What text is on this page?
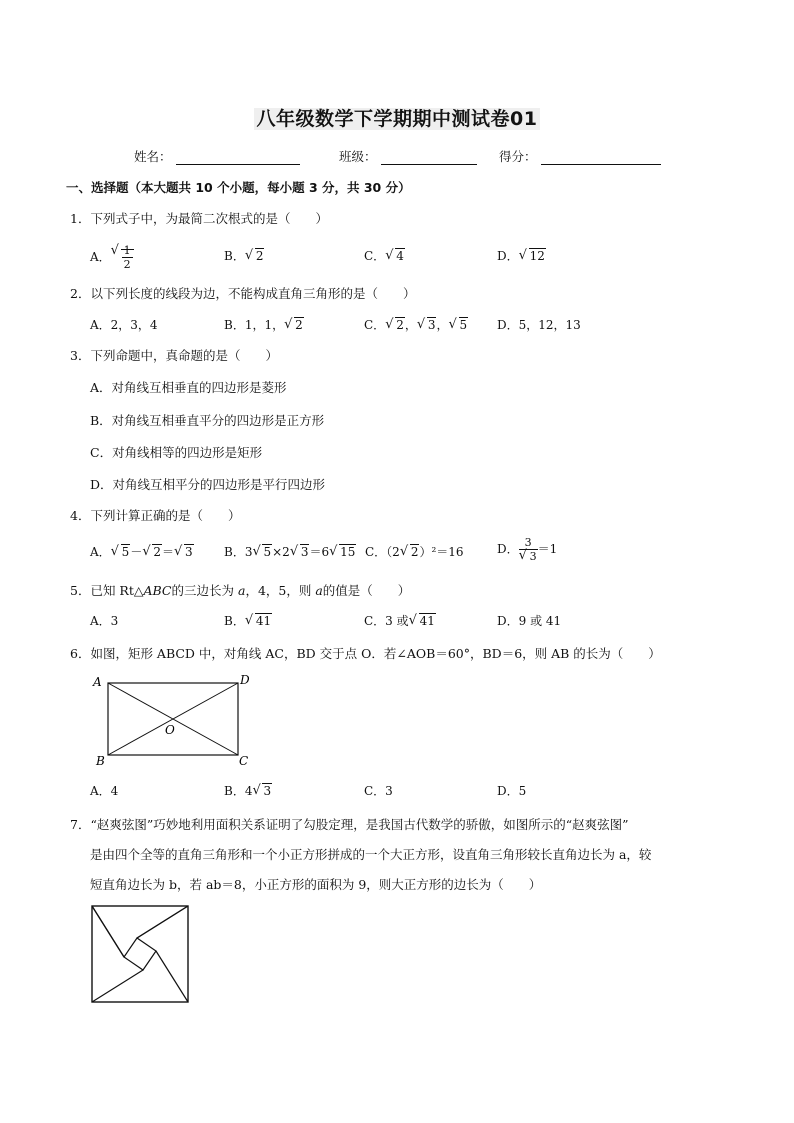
八年级数学下学期期中测试卷01
姓名：	班级：	得分：
一、选择题（本大题共 10 个小题，每小题 3 分，共 30 分）
1．下列式子中，为最简二次根式的是（　　）
A． √ $\frac{1}{2}$	B． √ 2	C． √ 4	D． √ 12
2．以下列长度的线段为边，不能构成直角三角形的是（　　）
A．2，3，4	B．1，1， √ 2	C． √ 2， √ 3， √ 5 D．5，12，13
3．下列命题中，真命题的是（　　）
A．对角线互相垂直的四边形是菱形
B．对角线互相垂直平分的四边形是正方形
C．对角线相等的四边形是矩形
D．对角线互相平分的四边形是平行四边形
4．下列计算正确的是（　　）
A． √ 5－ √ 2＝ √ 3	B．3 √ 5×2 √ 3＝6 √ 15 C．（2 √ 2）²＝16	D． 3
√ 3 ＝1
5．已知 Rt△ABC的三边长为 a，4，5，则 a的值是（　　）
A．3	B． √ 41	C．3 或 √ 41	D．9 或 41
6．如图，矩形 ABCD 中，对角线 AC，BD 交于点 O．若∠AOB＝60°，BD＝6，则 AB 的长为（　　）
A	D
B	C
O
A．4	B．4 √ 3	C．3	D．5
7．“赵爽弦图”巧妙地利用面积关系证明了勾股定理，是我国古代数学的骄傲，如图所示的“赵爽弦图”
是由四个全等的直角三角形和一个小正方形拼成的一个大正方形，设直角三角形较长直角边长为 a，较
短直角边长为 b，若 ab＝8，小正方形的面积为 9，则大正方形的边长为（　　）
